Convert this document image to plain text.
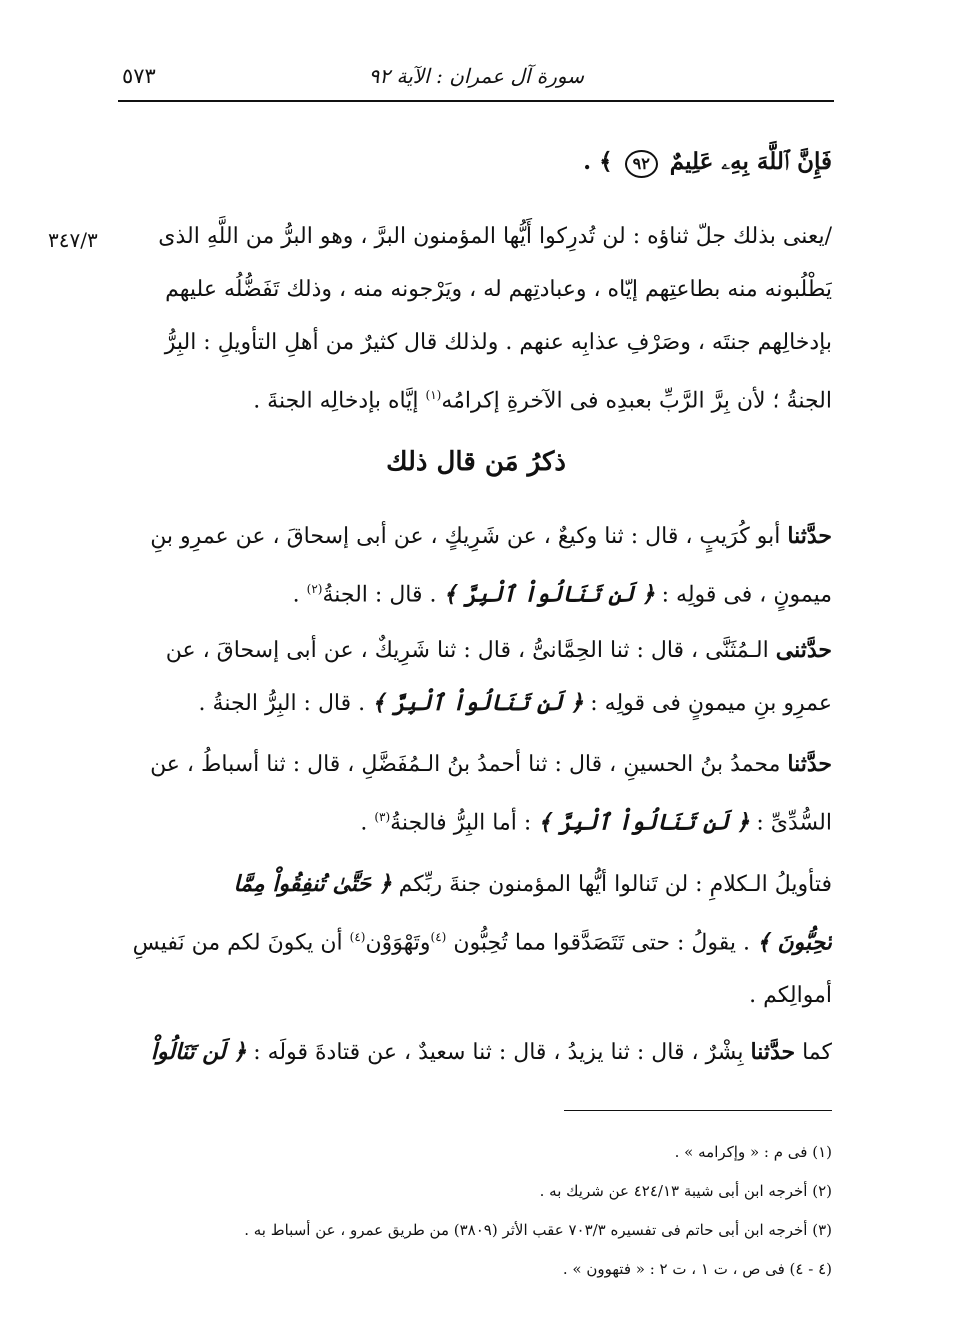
سورة آل عمران : الآية ٩٢
٥٧٣
فَإِنَّ ٱللَّهَ بِهِۦ عَلِيمٌ ٩٢ ﴾ .
٣٤٧/٣	/يعنى بذلك جلّ ثناؤه : لن تُدرِكوا أَيُّها المؤمنون البرَّ ، وهو البرُّ من اللَّهِ الذى
يَطْلُبونه منه بطاعتِهم إيّاه ، وعبادتِهم له ، ويَرْجونه منه ، وذلك تَفَضُّلُه عليهم
بإدخالِهم جنتَه ، وصَرْفِ عذابِه عنهم . ولذلك قال كثيرٌ من أهلِ التأويلِ : البِرُّ
الجنةُ ؛ لأن بِرَّ الرَّبِّ بعبدِه فى الآخرةِ إكرامُه$^{(١)}$ إيَّاه بإدخالِه الجنةَ .
ذكرُ مَن قال ذلك
حدَّثنا أبو كُرَيبٍ ، قال : ثنا وكيعٌ ، عن شَرِيكٍ ، عن أبى إسحاقَ ، عن عمرِو بنِ
ميمونٍ ، فى قولِه : ﴿ لَن تَنَالُواْ ٱلْبِرَّ ﴾ . قال : الجنةُ$^{(٢)}$ .
حدَّثنى الـمُثَنَّى ، قال : ثنا الحِمَّانىُّ ، قال : ثنا شَرِيكٌ ، عن أبى إسحاقَ ، عن
عمرِو بنِ ميمونٍ فى قولِه : ﴿ لَن تَنَالُواْ ٱلْبِرَّ ﴾ . قال : البِرُّ الجنةُ .
حدَّثنا محمدُ بنُ الحسينِ ، قال : ثنا أحمدُ بنُ الـمُفَضَّلِ ، قال : ثنا أسباطُ ، عن
السُّدِّىِّ : ﴿ لَن تَنَالُواْ ٱلْبِرَّ ﴾ : أما البِرُّ فالجنةُ$^{(٣)}$ .
فتأويلُ الـكلامِ : لن تَنالوا أيُّها المؤمنون جنةَ ربِّكم ﴿ حَتَّىٰ تُنفِقُواْ مِمَّا
تُحِبُّونَ ﴾ . يقولُ : حتى تَتَصَدَّقوا مما تُحِبُّون $^{(٤)}$وتَهْوَوْن$^{(٤)}$ أن يكونَ لكم من نَفيسِ
أموالِكم .
كما حدَّثنا بِشْرٌ ، قال : ثنا يزيدُ ، قال : ثنا سعيدٌ ، عن قتادةَ قولَه : ﴿ لَن تَنَالُواْ
(١) فى م : « وإكرامه » .
(٢) أخرجه ابن أبى شيبة ٤٢٤/١٣ عن شريك به .
(٣) أخرجه ابن أبى حاتم فى تفسيره ٧٠٣/٣ عقب الأثر (٣٨٠٩) من طريق عمرو ، عن أسباط به .
(٤ - ٤) فى ص ، ت ١ ، ت ٢ : « فتهوون » .
